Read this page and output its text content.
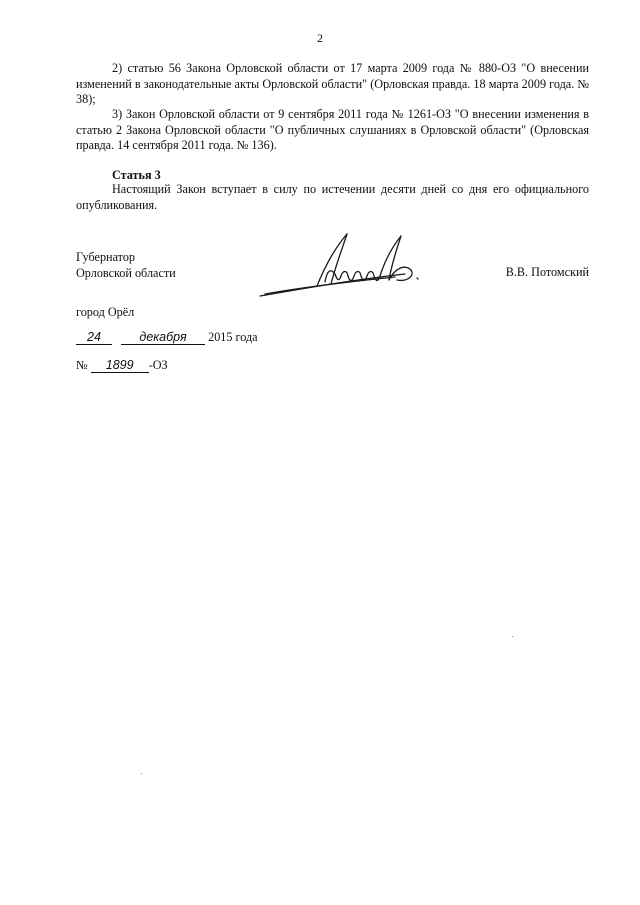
2

2) статью 56 Закона Орловской области от 17 марта 2009 года № 880-ОЗ "О внесении изменений в законодательные акты Орловской области" (Орловская правда. 18 марта 2009 года. № 38);

3) Закон Орловской области от 9 сентября 2011 года № 1261-ОЗ "О внесении изменения в статью 2 Закона Орловской области "О публичных слушаниях в Орловской области" (Орловская правда. 14 сентября 2011 года. № 136).

Статья 3

Настоящий Закон вступает в силу по истечении десяти дней со дня его официального опубликования.

Губернатор
Орловской области	В.В. Потомский
город Орёл
24	декабря 2015 года
№ 1899 -ОЗ
